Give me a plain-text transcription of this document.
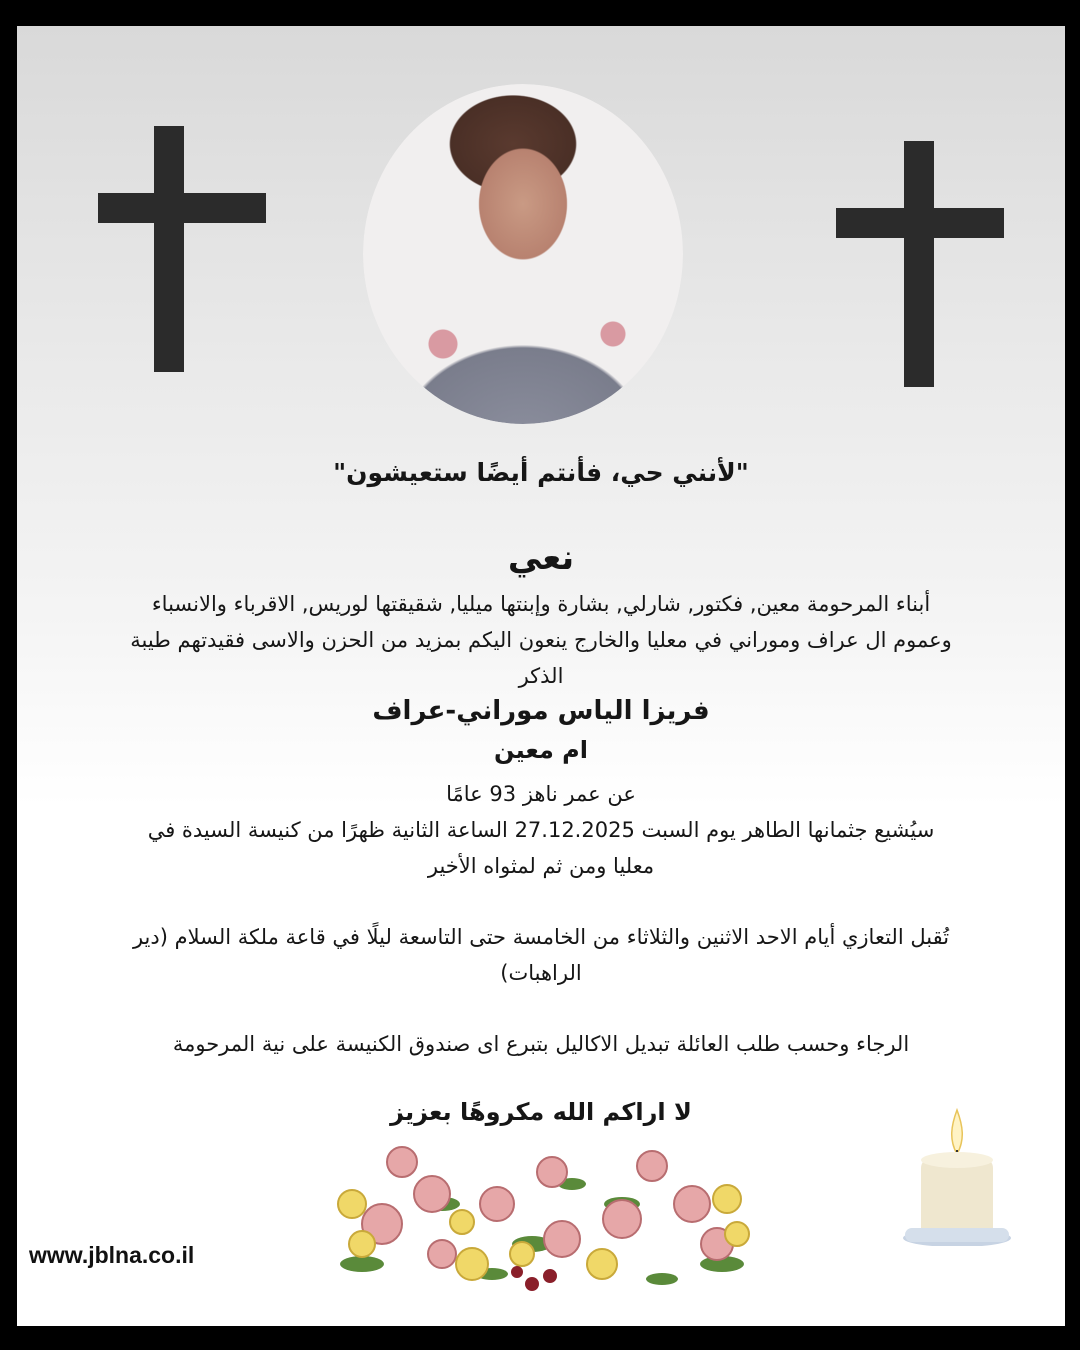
"لأنني حي، فأنتم أيضًا ستعيشون"
نعي
أبناء المرحومة معين, فكتور, شارلي, بشارة وإبنتها ميليا, شقيقتها لوريس, الاقرباء والانسباء وعموم ال عراف وموراني في معليا والخارج ينعون اليكم بمزيد من الحزن والاسى فقيدتهم طيبة الذكر
فريزا الياس موراني-عراف
ام معين
عن عمر ناهز 93 عامًا
سيُشيع جثمانها الطاهر يوم السبت 27.12.2025 الساعة الثانية ظهرًا من كنيسة السيدة في معليا ومن ثم لمثواه الأخير
تُقبل التعازي أيام الاحد الاثنين والثلاثاء من الخامسة حتى التاسعة ليلًا في قاعة ملكة السلام (دير الراهبات)
الرجاء وحسب طلب العائلة تبديل الاكاليل بتبرع اى صندوق الكنيسة على نية المرحومة
لا اراكم الله مكروهًا بعزيز
www.jblna.co.il
